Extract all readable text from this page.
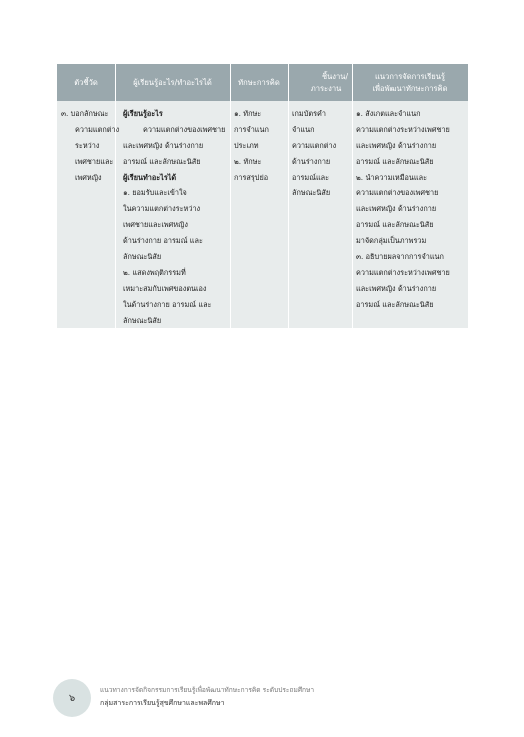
ตัวชี้วัด	ผู้เรียนรู้อะไร/ทำอะไรได้	ทักษะการคิด
ชิ้นงาน/
ภาระงาน
แนวการจัดการเรียนรู้
เพื่อพัฒนาทักษะการคิด
๓. บอกลักษณะ
ความแตกต่าง
ระหว่าง
เพศชายและ
เพศหญิง
ผู้เรียนรู้อะไร
ความแตกต่างของเพศชาย
และเพศหญิง ด้านร่างกาย
อารมณ์ และลักษณะนิสัย
ผู้เรียนทำอะไรได้
๑. ยอมรับและเข้าใจ
ในความแตกต่างระหว่าง
เพศชายและเพศหญิง
ด้านร่างกาย อารมณ์ และ
ลักษณะนิสัย
๒. แสดงพฤติกรรมที่
เหมาะสมกับเพศของตนเอง
ในด้านร่างกาย อารมณ์ และ
ลักษณะนิสัย
๑. ทักษะ
การจำแนก
ประเภท
๒. ทักษะ
การสรุปย่อ
เกมบัตรคำ
จำแนก
ความแตกต่าง
ด้านร่างกาย
อารมณ์และ
ลักษณะนิสัย
๑. สังเกตและจำแนก
ความแตกต่างระหว่างเพศชาย
และเพศหญิง ด้านร่างกาย
อารมณ์ และลักษณะนิสัย
๒. นำความเหมือนและ
ความแตกต่างของเพศชาย
และเพศหญิง ด้านร่างกาย
อารมณ์ และลักษณะนิสัย
มาจัดกลุ่มเป็นภาพรวม
๓. อธิบายผลจากการจำแนก
ความแตกต่างระหว่างเพศชาย
และเพศหญิง ด้านร่างกาย
อารมณ์ และลักษณะนิสัย
๖
แนวทางการจัดกิจกรรมการเรียนรู้เพื่อพัฒนาทักษะการคิด ระดับประถมศึกษา
กลุ่มสาระการเรียนรู้สุขศึกษาและพลศึกษา
